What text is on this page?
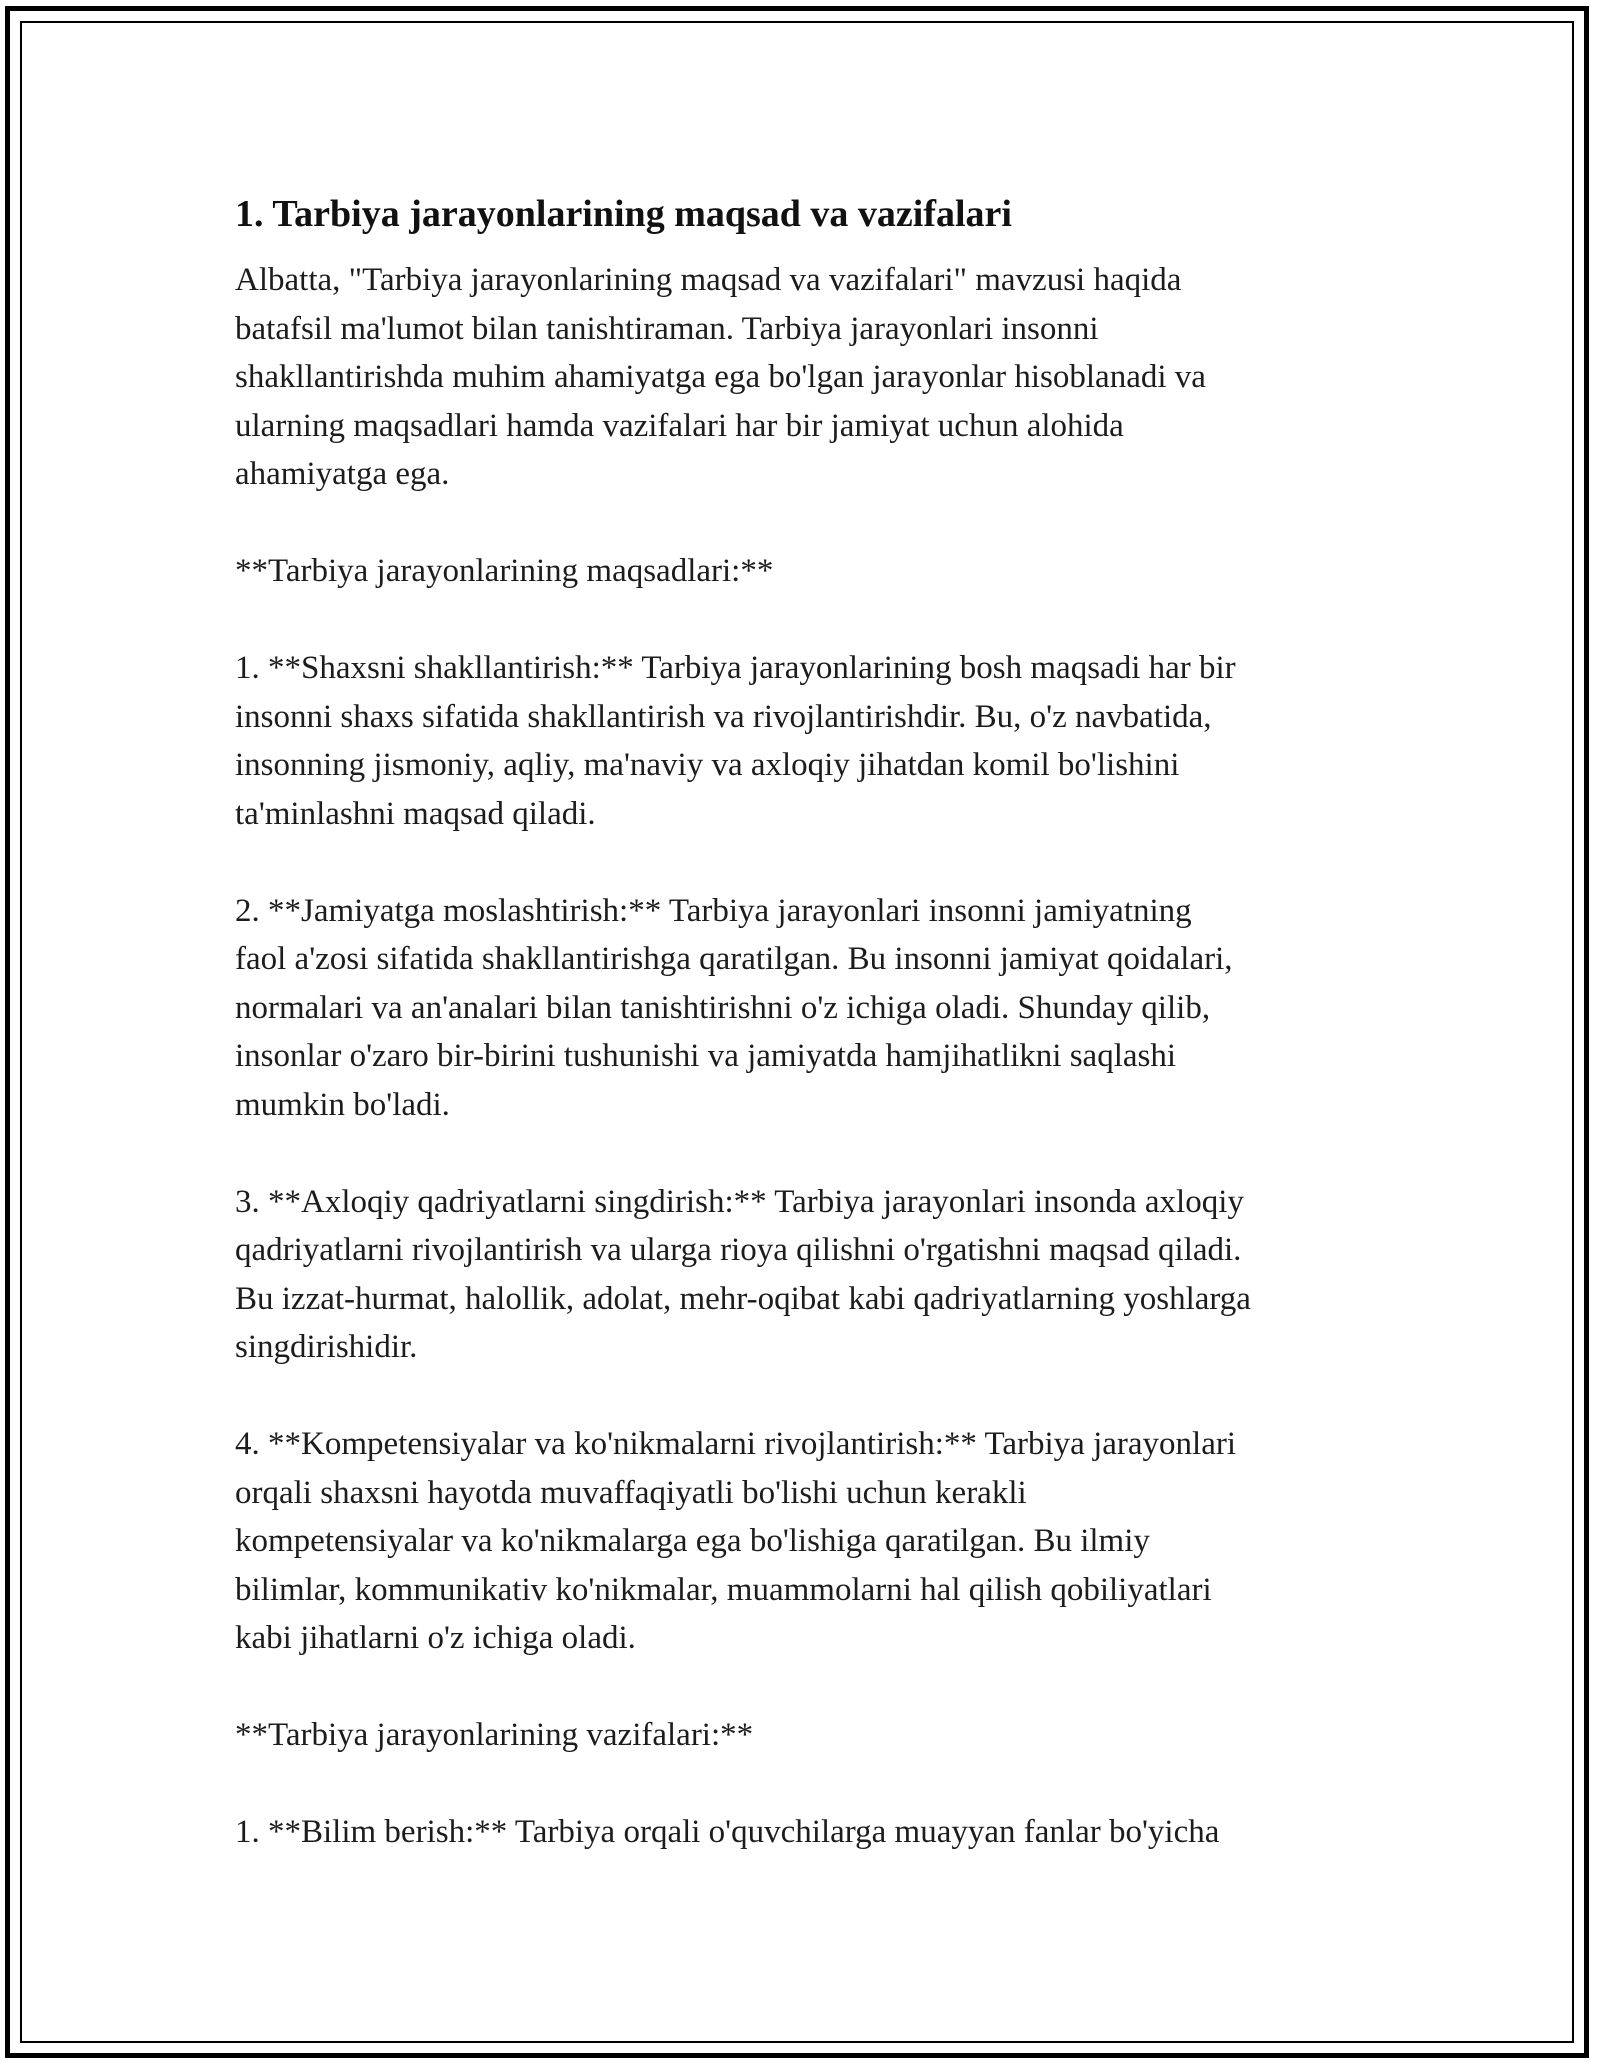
1. Tarbiya jarayonlarining maqsad va vazifalari

Albatta, "Tarbiya jarayonlarining maqsad va vazifalari" mavzusi haqida
batafsil ma'lumot bilan tanishtiraman. Tarbiya jarayonlari insonni
shakllantirishda muhim ahamiyatga ega bo'lgan jarayonlar hisoblanadi va
ularning maqsadlari hamda vazifalari har bir jamiyat uchun alohida
ahamiyatga ega.

**Tarbiya jarayonlarining maqsadlari:**

1. **Shaxsni shakllantirish:** Tarbiya jarayonlarining bosh maqsadi har bir
insonni shaxs sifatida shakllantirish va rivojlantirishdir. Bu, o'z navbatida,
insonning jismoniy, aqliy, ma'naviy va axloqiy jihatdan komil bo'lishini
ta'minlashni maqsad qiladi.

2. **Jamiyatga moslashtirish:** Tarbiya jarayonlari insonni jamiyatning
faol a'zosi sifatida shakllantirishga qaratilgan. Bu insonni jamiyat qoidalari,
normalari va an'analari bilan tanishtirishni o'z ichiga oladi. Shunday qilib,
insonlar o'zaro bir-birini tushunishi va jamiyatda hamjihatlikni saqlashi
mumkin bo'ladi.

3. **Axloqiy qadriyatlarni singdirish:** Tarbiya jarayonlari insonda axloqiy
qadriyatlarni rivojlantirish va ularga rioya qilishni o'rgatishni maqsad qiladi.
Bu izzat-hurmat, halollik, adolat, mehr-oqibat kabi qadriyatlarning yoshlarga
singdirishidir.

4. **Kompetensiyalar va ko'nikmalarni rivojlantirish:** Tarbiya jarayonlari
orqali shaxsni hayotda muvaffaqiyatli bo'lishi uchun kerakli
kompetensiyalar va ko'nikmalarga ega bo'lishiga qaratilgan. Bu ilmiy
bilimlar, kommunikativ ko'nikmalar, muammolarni hal qilish qobiliyatlari
kabi jihatlarni o'z ichiga oladi.

**Tarbiya jarayonlarining vazifalari:**

1. **Bilim berish:** Tarbiya orqali o'quvchilarga muayyan fanlar bo'yicha
